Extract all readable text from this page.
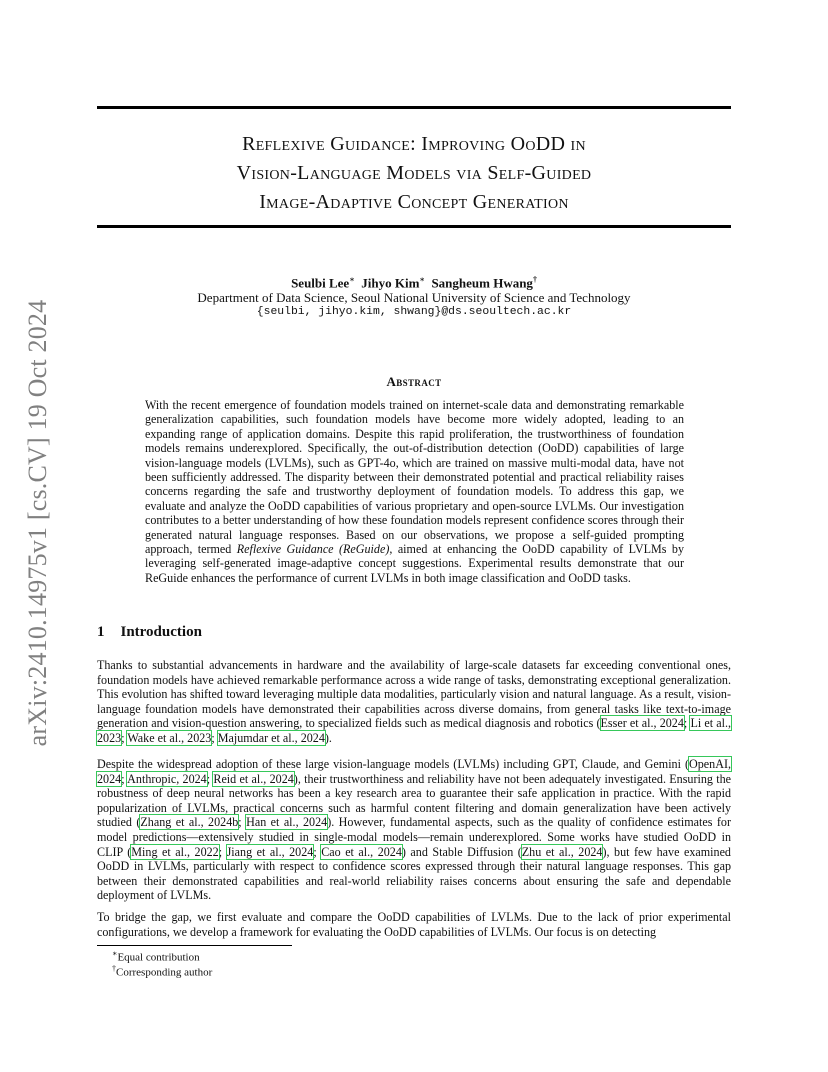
arXiv:2410.14975v1 [cs.CV] 19 Oct 2024
Reflexive Guidance: Improving OoDD in
Vision-Language Models via Self-Guided
Image-Adaptive Concept Generation
Seulbi Lee∗ Jihyo Kim∗ Sangheum Hwang†
Department of Data Science, Seoul National University of Science and Technology
{seulbi, jihyo.kim, shwang}@ds.seoultech.ac.kr
Abstract
With the recent emergence of foundation models trained on internet-scale data and demonstrating remarkable generalization capabilities, such foundation models have become more widely adopted, leading to an expanding range of application domains. Despite this rapid proliferation, the trustworthiness of foundation models remains underexplored. Specifically, the out-of-distribution detection (OoDD) capabilities of large vision-language models (LVLMs), such as GPT-4o, which are trained on massive multi-modal data, have not been sufficiently addressed. The disparity between their demonstrated potential and practical reliability raises concerns regarding the safe and trustworthy deployment of foundation models. To address this gap, we evaluate and analyze the OoDD capabilities of various proprietary and open-source LVLMs. Our investigation contributes to a better understanding of how these foundation models represent confidence scores through their generated natural language responses. Based on our observations, we propose a self-guided prompting approach, termed Reflexive Guidance (ReGuide), aimed at enhancing the OoDD capability of LVLMs by leveraging self-generated image-adaptive concept suggestions. Experimental results demonstrate that our ReGuide enhances the performance of current LVLMs in both image classification and OoDD tasks.
1 Introduction

Thanks to substantial advancements in hardware and the availability of large-scale datasets far exceeding conventional ones, foundation models have achieved remarkable performance across a wide range of tasks, demonstrating exceptional generalization. This evolution has shifted toward leveraging multiple data modalities, particularly vision and natural language. As a result, vision-language foundation models have demonstrated their capabilities across diverse domains, from general tasks like text-to-image generation and vision-question answering, to specialized fields such as medical diagnosis and robotics (Esser et al., 2024; Li et al., 2023; Wake et al., 2023; Majumdar et al., 2024).

Despite the widespread adoption of these large vision-language models (LVLMs) including GPT, Claude, and Gemini (OpenAI, 2024; Anthropic, 2024; Reid et al., 2024), their trustworthiness and reliability have not been adequately investigated. Ensuring the robustness of deep neural networks has been a key research area to guarantee their safe application in practice. With the rapid popularization of LVLMs, practical concerns such as harmful content filtering and domain generalization have been actively studied (Zhang et al., 2024b; Han et al., 2024). However, fundamental aspects, such as the quality of confidence estimates for model predictions—extensively studied in single-modal models—remain underexplored. Some works have studied OoDD in CLIP (Ming et al., 2022; Jiang et al., 2024; Cao et al., 2024) and Stable Diffusion (Zhu et al., 2024), but few have examined OoDD in LVLMs, particularly with respect to confidence scores expressed through their natural language responses. This gap between their demonstrated capabilities and real-world reliability raises concerns about ensuring the safe and dependable deployment of LVLMs.

To bridge the gap, we first evaluate and compare the OoDD capabilities of LVLMs. Due to the lack of prior experimental configurations, we develop a framework for evaluating the OoDD capabilities of LVLMs. Our focus is on detecting

∗Equal contribution
†Corresponding author
